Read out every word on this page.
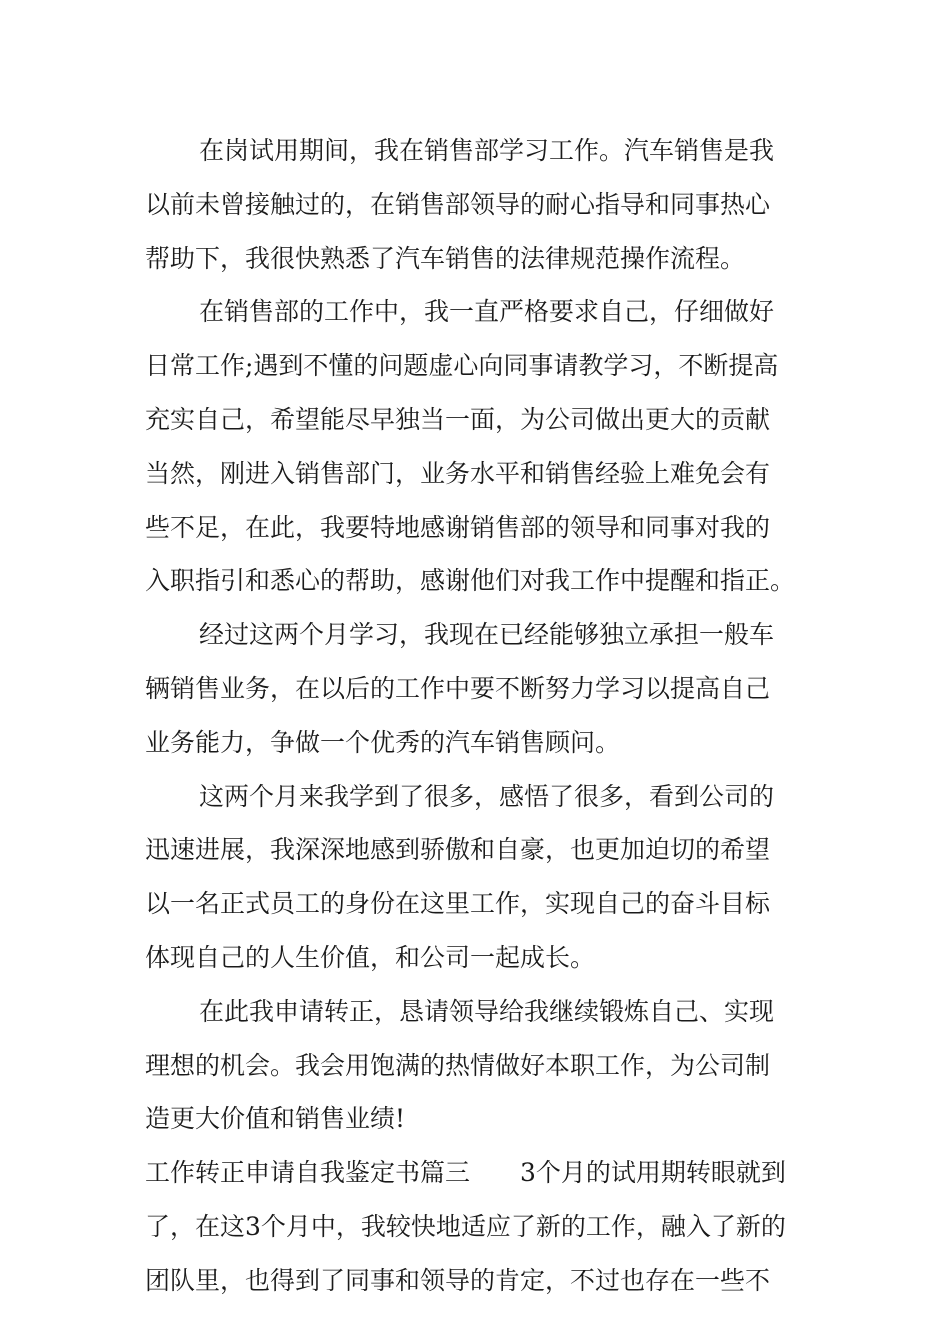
在岗试用期间，我在销售部学习工作。汽车销售是我
以前未曾接触过的，在销售部领导的耐心指导和同事热心
帮助下，我很快熟悉了汽车销售的法律规范操作流程。
在销售部的工作中，我一直严格要求自己，仔细做好
日常工作;遇到不懂的问题虚心向同事请教学习，不断提高
充实自己，希望能尽早独当一面，为公司做出更大的贡献
当然，刚进入销售部门，业务水平和销售经验上难免会有
些不足，在此，我要特地感谢销售部的领导和同事对我的
入职指引和悉心的帮助，感谢他们对我工作中提醒和指正。
经过这两个月学习，我现在已经能够独立承担一般车
辆销售业务，在以后的工作中要不断努力学习以提高自己
业务能力，争做一个优秀的汽车销售顾问。
这两个月来我学到了很多，感悟了很多，看到公司的
迅速进展，我深深地感到骄傲和自豪，也更加迫切的希望
以一名正式员工的身份在这里工作，实现自己的奋斗目标
体现自己的人生价值，和公司一起成长。
在此我申请转正，恳请领导给我继续锻炼自己、实现
理想的机会。我会用饱满的热情做好本职工作，为公司制
造更大价值和销售业绩!
工作转正申请自我鉴定书篇三　　3个月的试用期转眼就到
了，在这3个月中，我较快地适应了新的工作，融入了新的
团队里，也得到了同事和领导的肯定，不过也存在一些不
